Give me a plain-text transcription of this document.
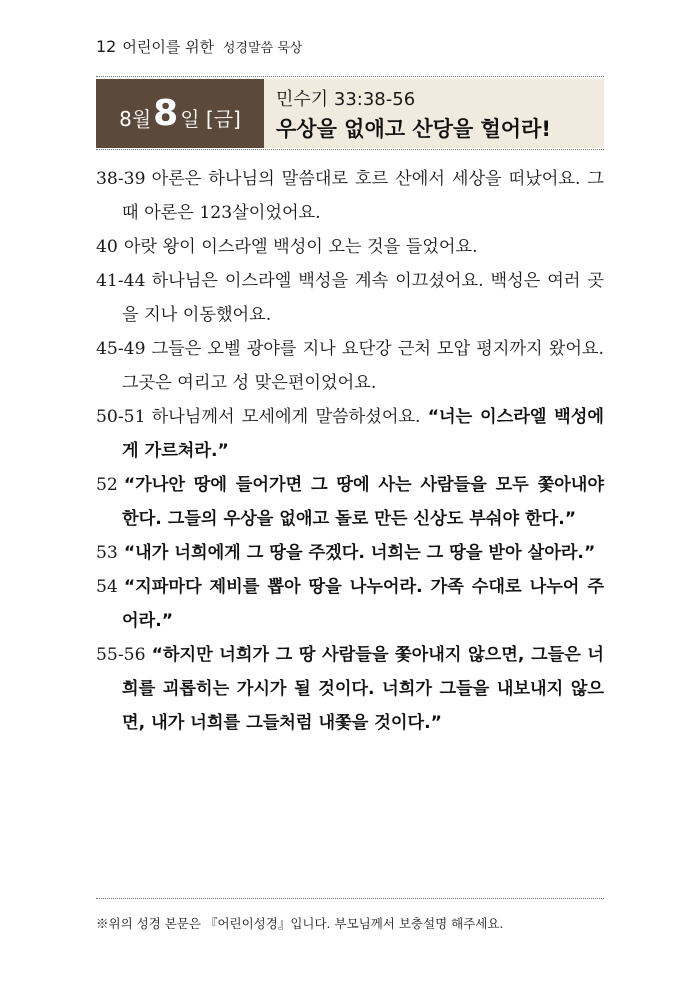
12 어린이를 위한 성경말씀 묵상
8월 8 일 [금]
민수기 33:38-56
우상을 없애고 산당을 헐어라!

38-39 아론은 하나님의 말씀대로 호르 산에서 세상을 떠났어요. 그때 아론은 123살이었어요.

40 아랏 왕이 이스라엘 백성이 오는 것을 들었어요.

41-44 하나님은 이스라엘 백성을 계속 이끄셨어요. 백성은 여러 곳을 지나 이동했어요.

45-49 그들은 오벨 광야를 지나 요단강 근처 모압 평지까지 왔어요. 그곳은 여리고 성 맞은편이었어요.

50-51 하나님께서 모세에게 말씀하셨어요. “너는 이스라엘 백성에게 가르쳐라.”

52 “가나안 땅에 들어가면 그 땅에 사는 사람들을 모두 쫓아내야 한다. 그들의 우상을 없애고 돌로 만든 신상도 부숴야 한다.”

53 “내가 너희에게 그 땅을 주겠다. 너희는 그 땅을 받아 살아라.”

54 “지파마다 제비를 뽑아 땅을 나누어라. 가족 수대로 나누어 주어라.”

55-56 “하지만 너희가 그 땅 사람들을 쫓아내지 않으면, 그들은 너희를 괴롭히는 가시가 될 것이다. 너희가 그들을 내보내지 않으면, 내가 너희를 그들처럼 내쫓을 것이다.”

※위의 성경 본문은 『어린이성경』입니다. 부모님께서 보충설명 해주세요.
